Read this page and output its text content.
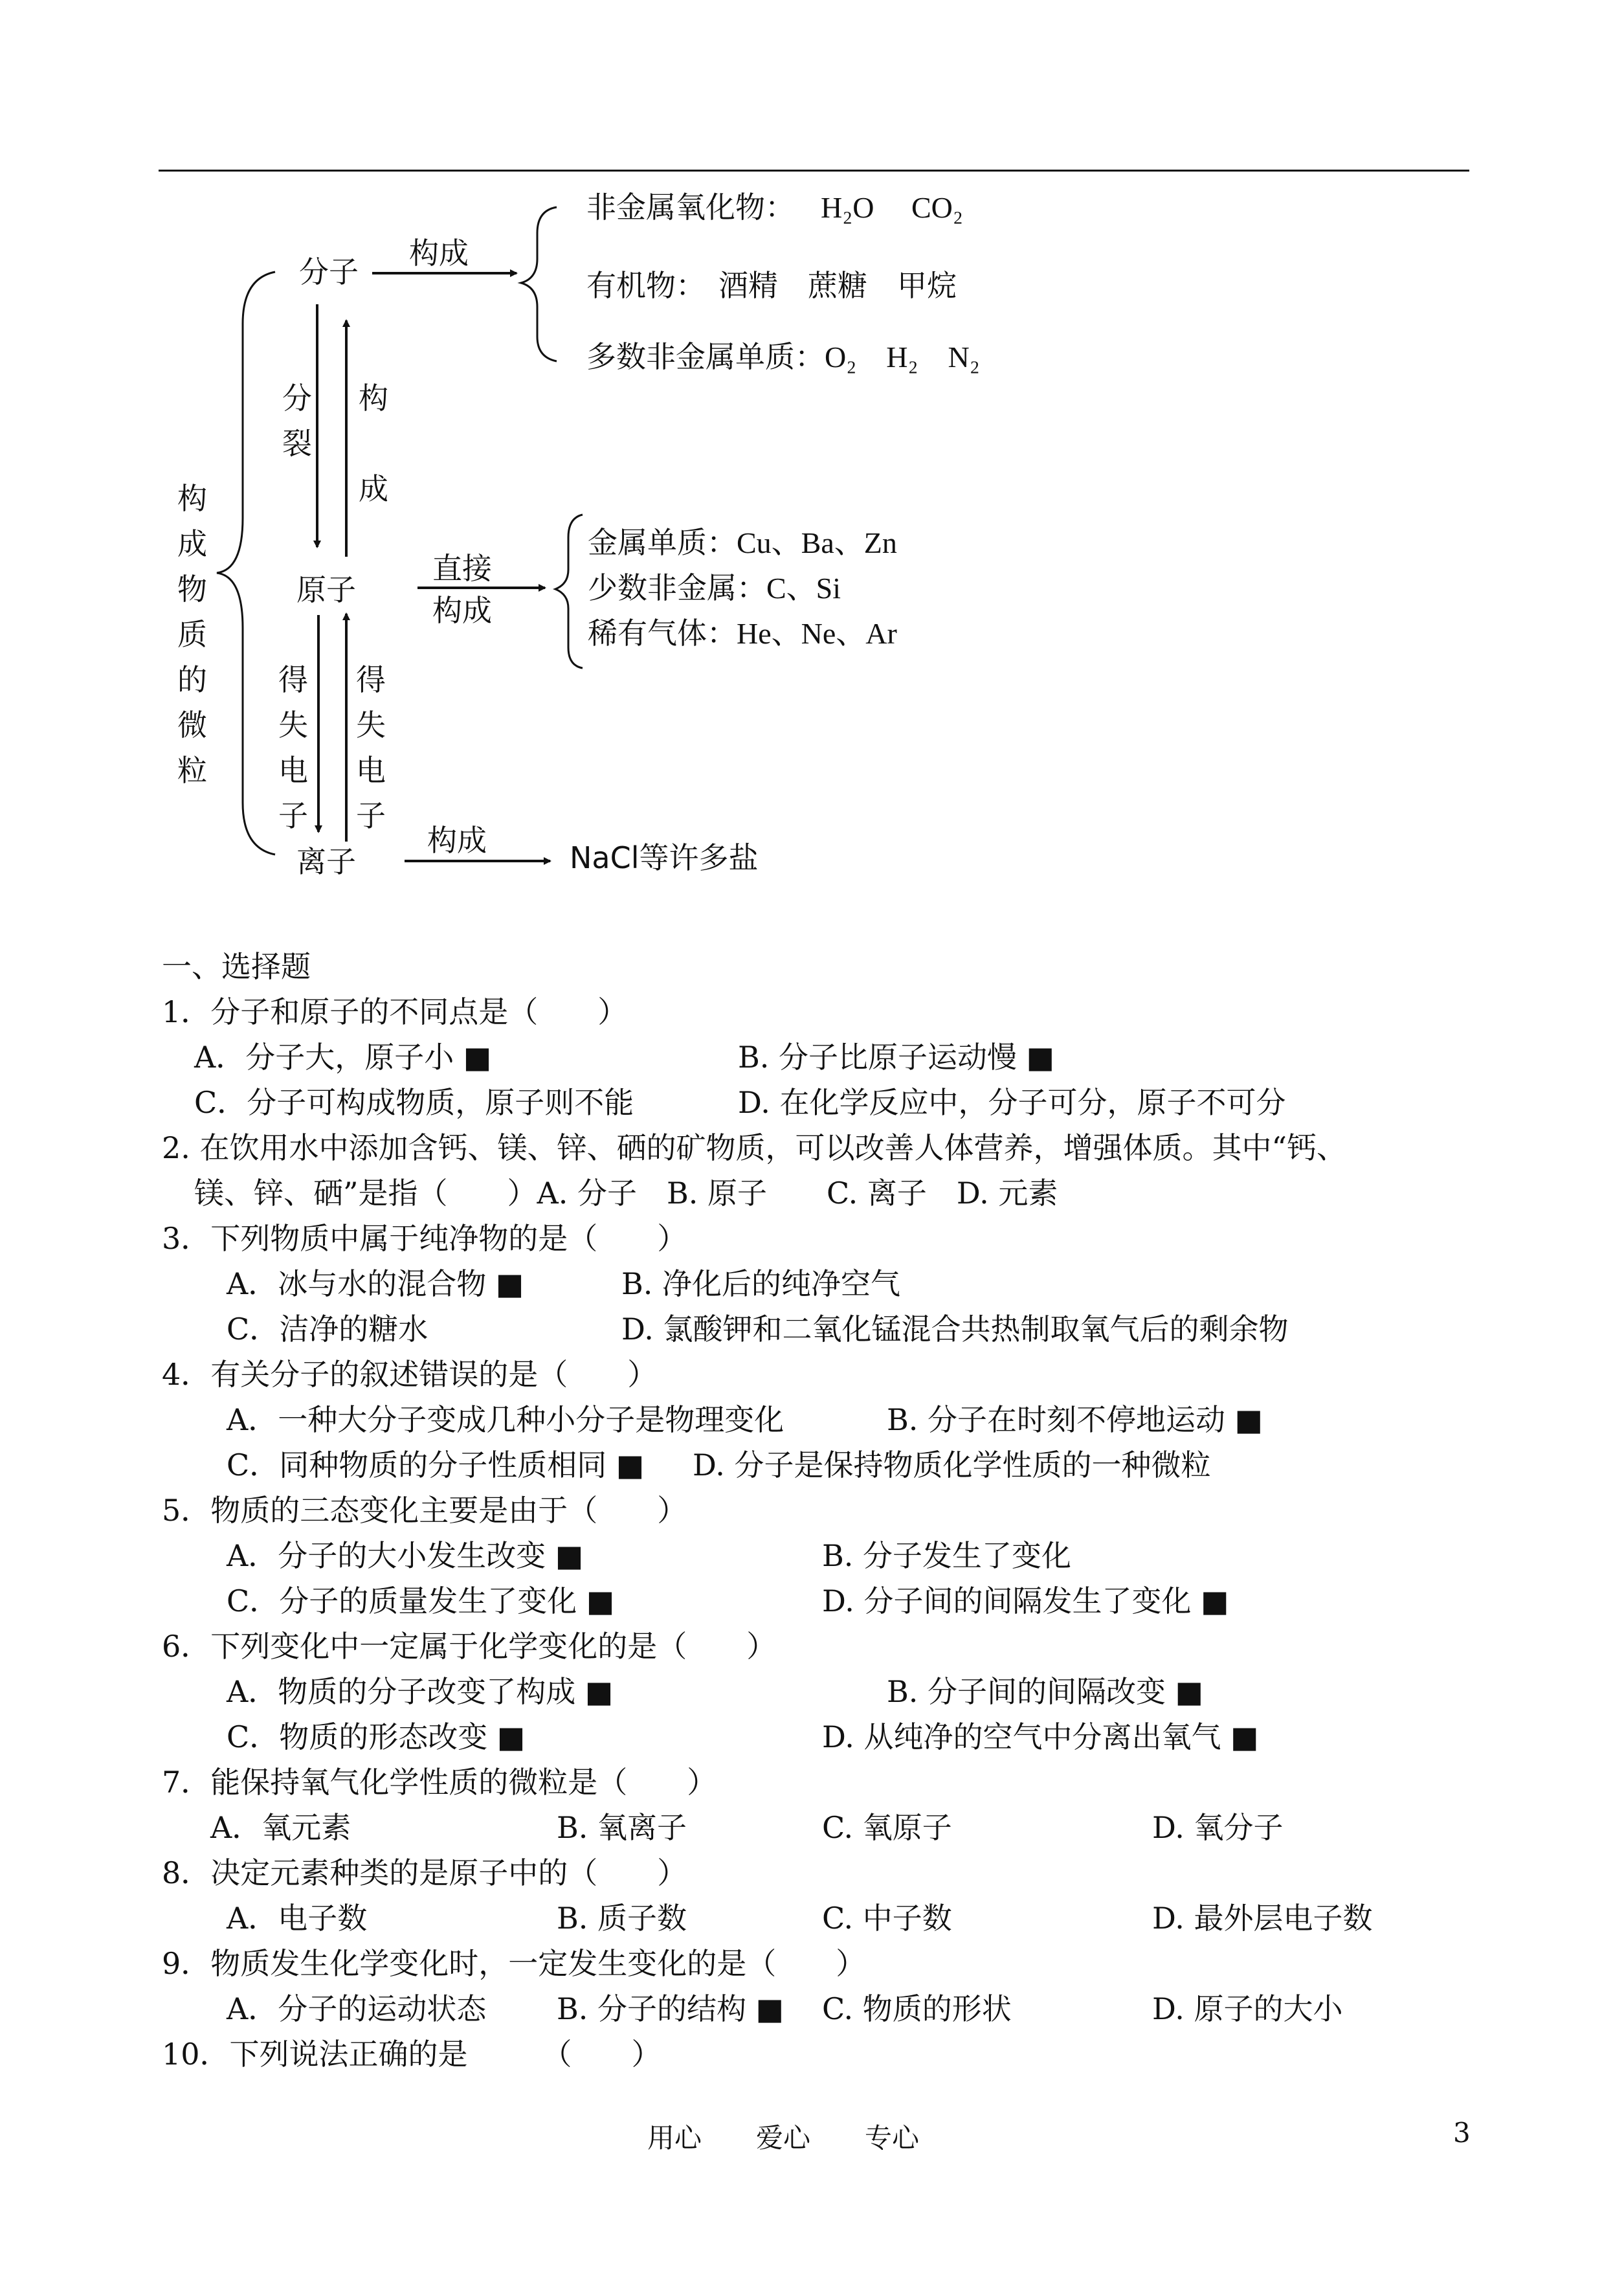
构成物质的微粒
分子
构成
非金属氧化物： H₂O　 CO₂
有机物： 酒精　蔗糖　甲烷
多数非金属单质：O₂　H₂　N₂
分裂
构成
原子
直接
构成
金属单质：Cu、Ba、Zn
少数非金属：C、Si
稀有气体：He、Ne、Ar
得失电子
得失电子
离子
构成	NaCl等许多盐
一、选择题
1．分子和原子的不同点是（　　）
A．分子大，原子小 ■	B. 分子比原子运动慢 ■
C．分子可构成物质，原子则不能	D. 在化学反应中，分子可分，原子不可分
2. 在饮用水中添加含钙、镁、锌、硒的矿物质，可以改善人体营养，增强体质。其中“钙、
镁、锌、硒”是指（　　）A. 分子　B. 原子　　C. 离子　D. 元素
3．下列物质中属于纯净物的是（　　）
A．冰与水的混合物 ■	B. 净化后的纯净空气
C．洁净的糖水	D. 氯酸钾和二氧化锰混合共热制取氧气后的剩余物
4．有关分子的叙述错误的是（　　）
A．一种大分子变成几种小分子是物理变化	B. 分子在时刻不停地运动 ■
C．同种物质的分子性质相同 ■ D. 分子是保持物质化学性质的一种微粒
5．物质的三态变化主要是由于（　　）
A．分子的大小发生改变 ■	B. 分子发生了变化
C．分子的质量发生了变化 ■	D. 分子间的间隔发生了变化 ■
6．下列变化中一定属于化学变化的是（　　）
A．物质的分子改变了构成 ■	B. 分子间的间隔改变 ■
C．物质的形态改变 ■	D. 从纯净的空气中分离出氧气 ■
7．能保持氧气化学性质的微粒是（　　）
A．氧元素	B. 氧离子	C. 氧原子	D. 氧分子
8．决定元素种类的是原子中的（　　）
A．电子数	B. 质子数	C. 中子数	D. 最外层电子数
9．物质发生化学变化时，一定发生变化的是（　　）
A．分子的运动状态 B. 分子的结构 ■ C. 物质的形状	D. 原子的大小
10．下列说法正确的是　　　（　　）
用心　　爱心　　专心	3
